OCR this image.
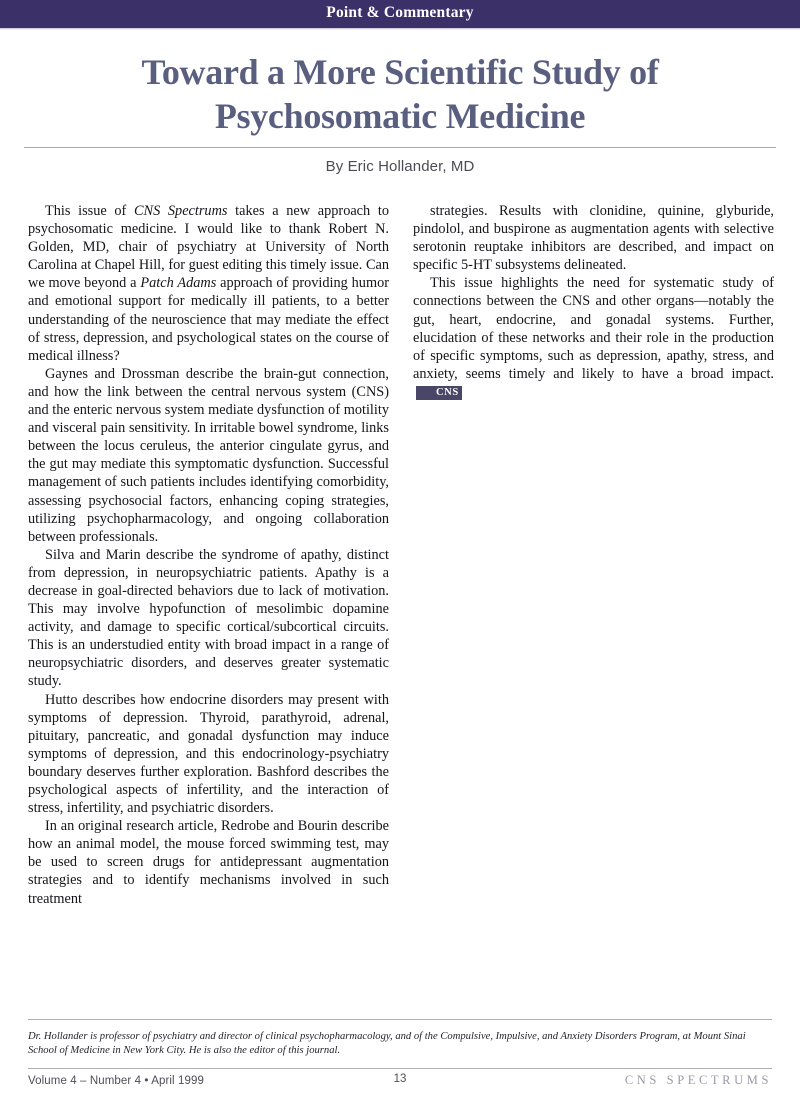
Point & Commentary
Toward a More Scientific Study of
Psychosomatic Medicine
By Eric Hollander, MD

This issue of CNS Spectrums takes a new approach to psychosomatic medicine. I would like to thank Robert N. Golden, MD, chair of psychiatry at University of North Carolina at Chapel Hill, for guest editing this timely issue. Can we move beyond a Patch Adams approach of providing humor and emotional support for medically ill patients, to a better understanding of the neuroscience that may mediate the effect of stress, depression, and psychological states on the course of medical illness?

Gaynes and Drossman describe the brain-gut connection, and how the link between the central nervous system (CNS) and the enteric nervous system mediate dysfunction of motility and visceral pain sensitivity. In irritable bowel syndrome, links between the locus ceruleus, the anterior cingulate gyrus, and the gut may mediate this symptomatic dysfunction. Successful management of such patients includes identifying comorbidity, assessing psychosocial factors, enhancing coping strategies, utilizing psychopharmacology, and ongoing collaboration between professionals.

Silva and Marin describe the syndrome of apathy, distinct from depression, in neuropsychiatric patients. Apathy is a decrease in goal-directed behaviors due to lack of motivation. This may involve hypofunction of mesolimbic dopamine activity, and damage to specific cortical/subcortical circuits. This is an understudied entity with broad impact in a range of neuropsychiatric disorders, and deserves greater systematic study.

Hutto describes how endocrine disorders may present with symptoms of depression. Thyroid, parathyroid, adrenal, pituitary, pancreatic, and gonadal dysfunction may induce symptoms of depression, and this endocrinology-psychiatry boundary deserves further exploration. Bashford describes the psychological aspects of infertility, and the interaction of stress, infertility, and psychiatric disorders.

In an original research article, Redrobe and Bourin describe how an animal model, the mouse forced swimming test, may be used to screen drugs for antidepressant augmentation strategies and to identify mechanisms involved in such treatment

strategies. Results with clonidine, quinine, glyburide, pindolol, and buspirone as augmentation agents with selective serotonin reuptake inhibitors are described, and impact on specific 5-HT subsystems delineated.

This issue highlights the need for systematic study of connections between the CNS and other organs—notably the gut, heart, endocrine, and gonadal systems. Further, elucidation of these networks and their role in the production of specific symptoms, such as depression, apathy, stress, and anxiety, seems timely and likely to have a broad impact.CNS

Dr. Hollander is professor of psychiatry and director of clinical psychopharmacology, and of the Compulsive, Impulsive, and Anxiety Disorders Program, at Mount Sinai School of Medicine in New York City. He is also the editor of this journal.
Volume 4 – Number 4 • April 1999	13	CNS SPECTRUMS
